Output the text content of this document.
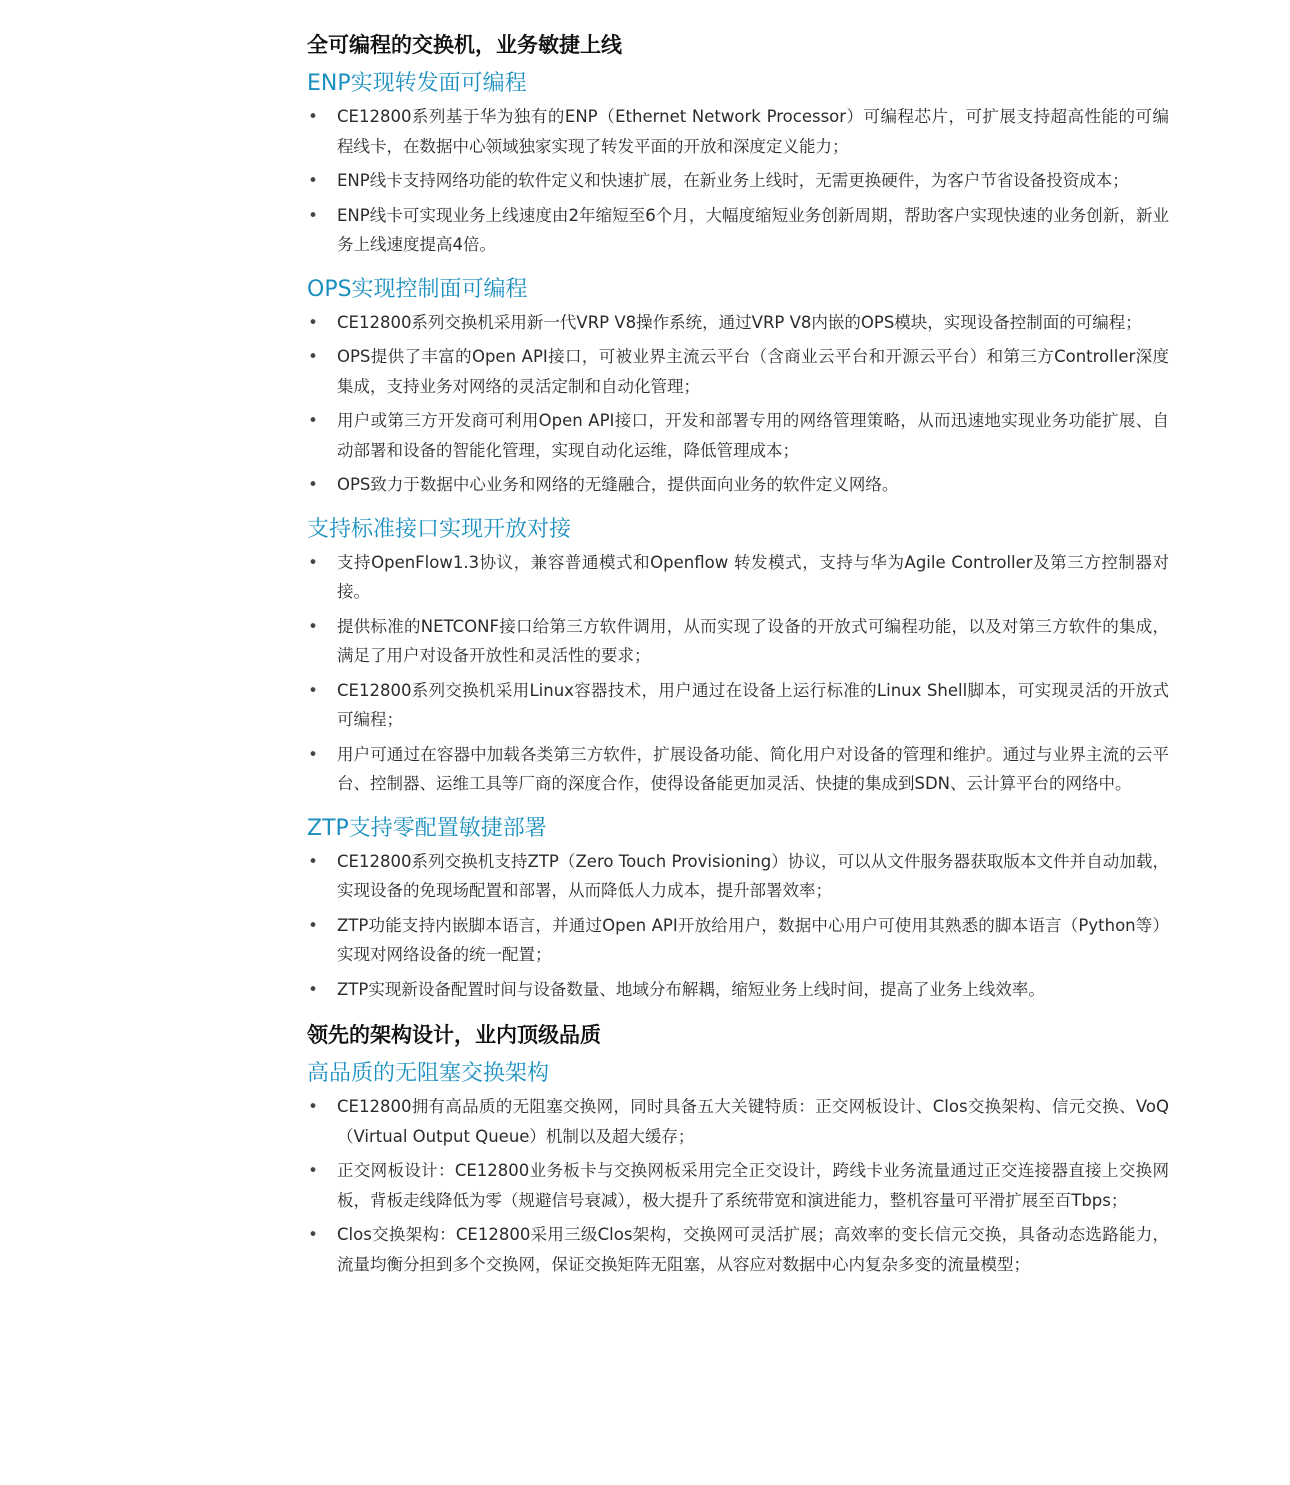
全可编程的交换机，业务敏捷上线
ENP实现转发面可编程
• CE12800系列基于华为独有的ENP（Ethernet Network Processor）可编程芯片，可扩展支持超高性能的可编程线卡，在数据中心领域独家实现了转发平面的开放和深度定义能力；
• ENP线卡支持网络功能的软件定义和快速扩展，在新业务上线时，无需更换硬件，为客户节省设备投资成本；
• ENP线卡可实现业务上线速度由2年缩短至6个月，大幅度缩短业务创新周期，帮助客户实现快速的业务创新，新业务上线速度提高4倍。
OPS实现控制面可编程
• CE12800系列交换机采用新一代VRP V8操作系统，通过VRP V8内嵌的OPS模块，实现设备控制面的可编程；
• OPS提供了丰富的Open API接口，可被业界主流云平台（含商业云平台和开源云平台）和第三方Controller深度集成，支持业务对网络的灵活定制和自动化管理；
• 用户或第三方开发商可利用Open API接口，开发和部署专用的网络管理策略，从而迅速地实现业务功能扩展、自动部署和设备的智能化管理，实现自动化运维，降低管理成本；
• OPS致力于数据中心业务和网络的无缝融合，提供面向业务的软件定义网络。
支持标准接口实现开放对接
• 支持OpenFlow1.3协议，兼容普通模式和Openflow 转发模式，支持与华为Agile Controller及第三方控制器对接。
• 提供标准的NETCONF接口给第三方软件调用，从而实现了设备的开放式可编程功能，以及对第三方软件的集成，满足了用户对设备开放性和灵活性的要求；
• CE12800系列交换机采用Linux容器技术，用户通过在设备上运行标准的Linux Shell脚本，可实现灵活的开放式可编程；
• 用户可通过在容器中加载各类第三方软件，扩展设备功能、简化用户对设备的管理和维护。通过与业界主流的云平台、控制器、运维工具等厂商的深度合作，使得设备能更加灵活、快捷的集成到SDN、云计算平台的网络中。
ZTP支持零配置敏捷部署
• CE12800系列交换机支持ZTP（Zero Touch Provisioning）协议，可以从文件服务器获取版本文件并自动加载，实现设备的免现场配置和部署，从而降低人力成本，提升部署效率；
• ZTP功能支持内嵌脚本语言，并通过Open API开放给用户，数据中心用户可使用其熟悉的脚本语言（Python等）实现对网络设备的统一配置；
• ZTP实现新设备配置时间与设备数量、地域分布解耦，缩短业务上线时间，提高了业务上线效率。
领先的架构设计，业内顶级品质
高品质的无阻塞交换架构
• CE12800拥有高品质的无阻塞交换网，同时具备五大关键特质：正交网板设计、Clos交换架构、信元交换、VoQ（Virtual Output Queue）机制以及超大缓存；
• 正交网板设计：CE12800业务板卡与交换网板采用完全正交设计，跨线卡业务流量通过正交连接器直接上交换网板，背板走线降低为零（规避信号衰减），极大提升了系统带宽和演进能力，整机容量可平滑扩展至百Tbps；
• Clos交换架构：CE12800采用三级Clos架构，交换网可灵活扩展；高效率的变长信元交换，具备动态选路能力，流量均衡分担到多个交换网，保证交换矩阵无阻塞，从容应对数据中心内复杂多变的流量模型；
